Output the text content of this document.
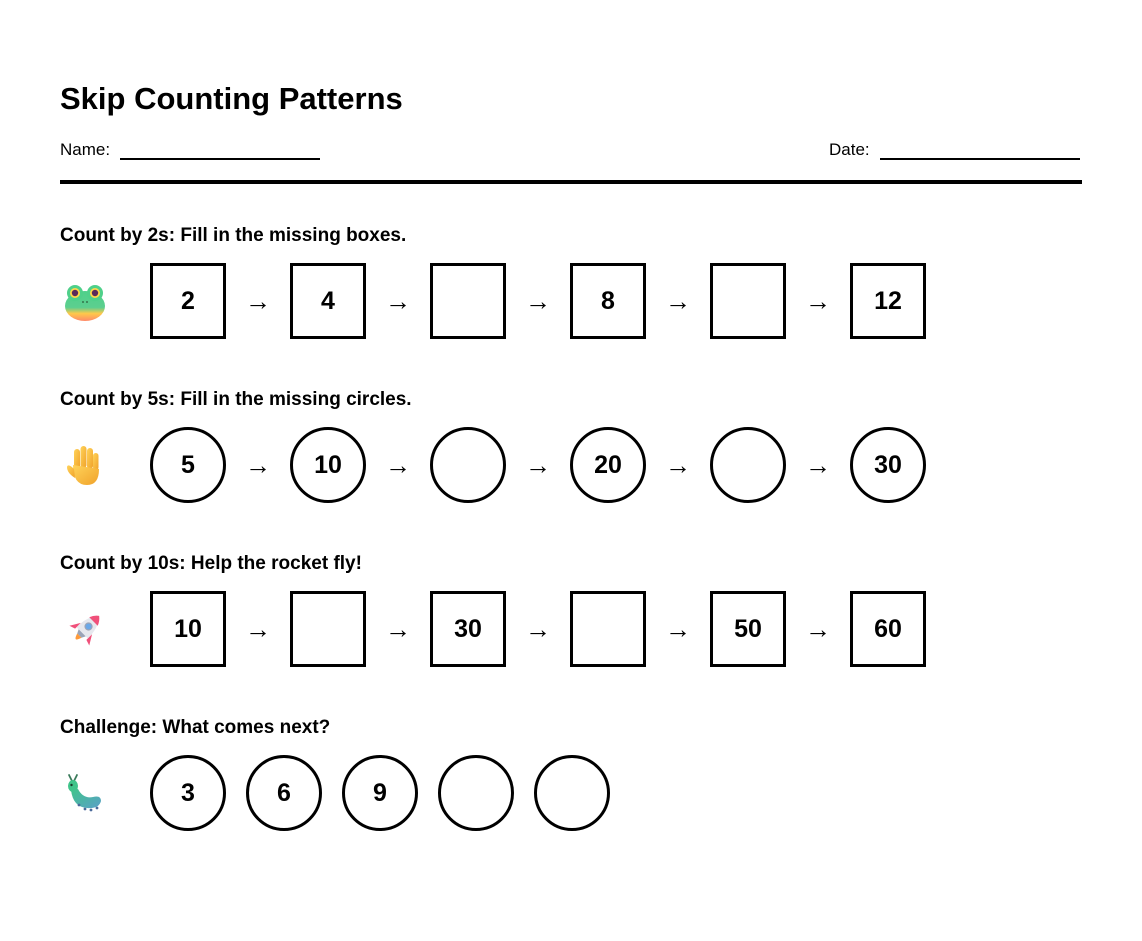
Skip Counting Patterns
Name:	Date:
Count by 2s: Fill in the missing boxes.
2	→	4	→	→	8	→	→	12
Count by 5s: Fill in the missing circles.
5	→	10	→	→	20	→	→	30
Count by 10s: Help the rocket fly!
10	→	→	30	→	→	50	→	60
Challenge: What comes next?
3	6	9
